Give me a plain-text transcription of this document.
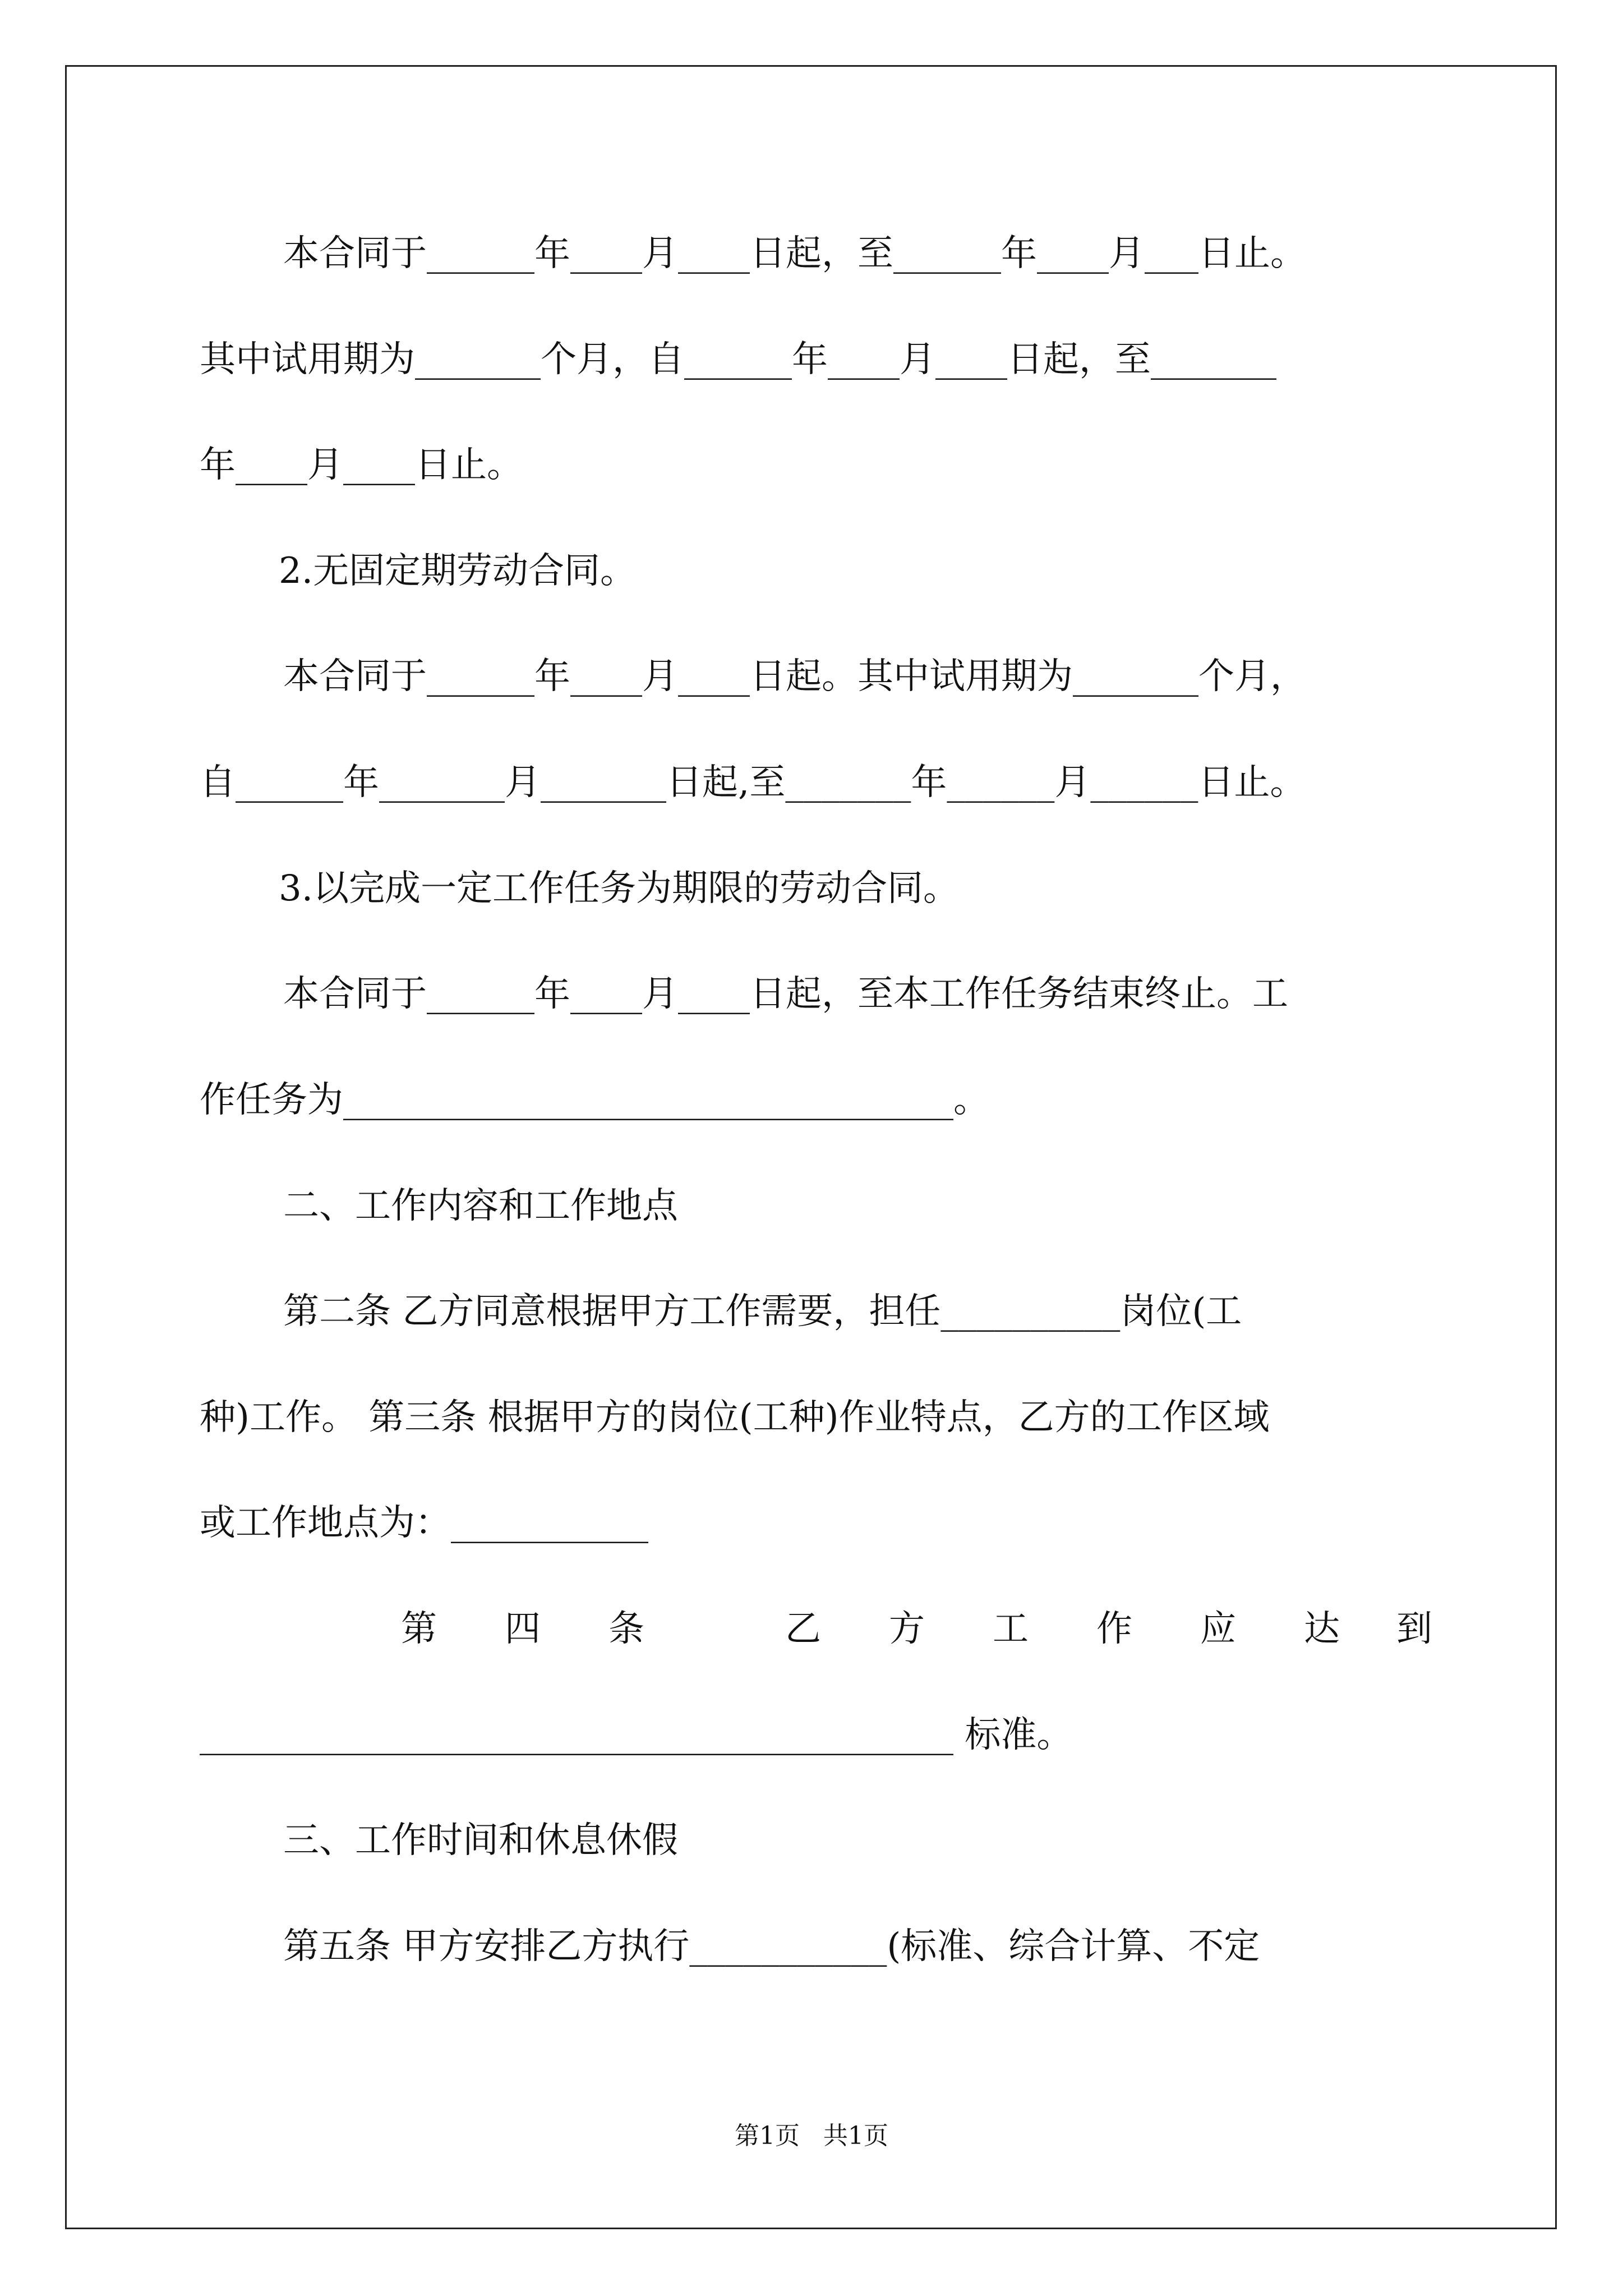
本合同于______年____月____日起，至______年____月___日止。

其中试用期为_______个月，自______年____月____日起，至_______

年____月____日止。

2.无固定期劳动合同。

本合同于______年____月____日起。其中试用期为_______个月，

自______年_______月_______日起,至_______年______月______日止。

3.以完成一定工作任务为期限的劳动合同。

本合同于______年____月____日起，至本工作任务结束终止。工

作任务为__________________________________。

二、工作内容和工作地点

第二条 乙方同意根据甲方工作需要，担任__________岗位(工

种)工作。 第三条 根据甲方的岗位(工种)作业特点，乙方的工作区域

或工作地点为：___________

第 四 条	乙 方 工 作 应 达 到

__________________________________________ 标准。

三、工作时间和休息休假

第五条 甲方安排乙方执行___________(标准、综合计算、不定

第1页   共1页
